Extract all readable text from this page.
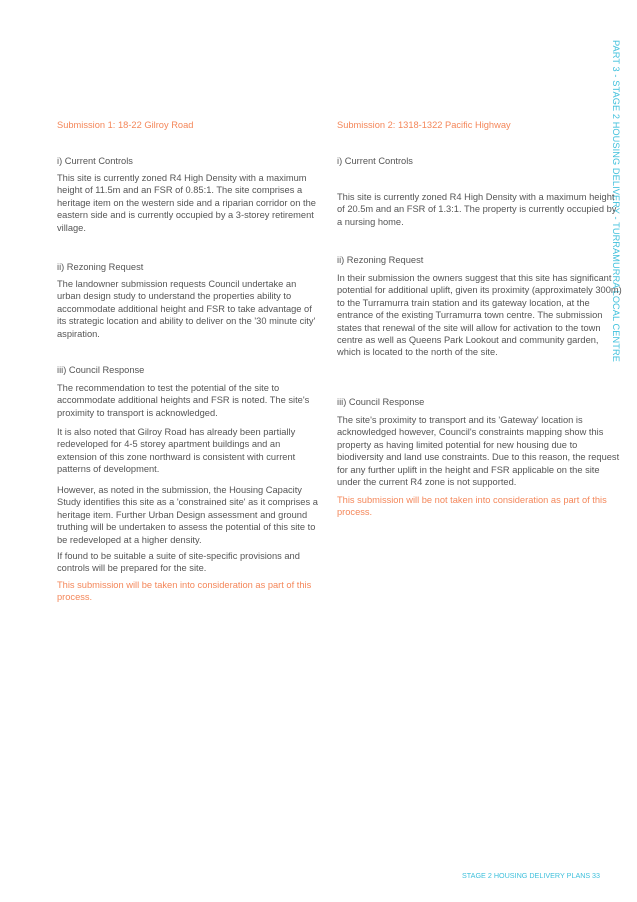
PART 3 - STAGE 2 HOUSING DELIVERY - TURRAMURRA LOCAL CENTRE

Submission 1: 18-22 Gilroy Road

i) Current Controls

This site is currently zoned R4 High Density with a maximum height of 11.5m and an FSR of 0.85:1. The site comprises a heritage item on the western side and a riparian corridor on the eastern side and is currently occupied by a 3-storey retirement village.

ii) Rezoning Request

The landowner submission requests Council undertake an urban design study to understand the properties ability to accommodate additional height and FSR to take advantage of its strategic location and ability to deliver on the '30 minute city' aspiration.

iii) Council Response

The recommendation to test the potential of the site to accommodate additional heights and FSR is noted. The site's proximity to transport is acknowledged.

It is also noted that Gilroy Road has already been partially redeveloped for 4-5 storey apartment buildings and an extension of this zone northward is consistent with current patterns of development.

However, as noted in the submission, the Housing Capacity Study identifies this site as a 'constrained site' as it comprises a heritage item. Further Urban Design assessment and ground truthing will be undertaken to assess the potential of this site to be redeveloped at a higher density.

If found to be suitable a suite of site-specific provisions and controls will be prepared for the site.

This submission will be taken into consideration as part of this process.

Submission 2: 1318-1322 Pacific Highway

i) Current Controls

This site is currently zoned R4 High Density with a maximum height of 20.5m and an FSR of 1.3:1. The property is currently occupied by a nursing home.

ii) Rezoning Request

In their submission the owners suggest that this site has significant potential for additional uplift, given its proximity (approximately 300m) to the Turramurra train station and its gateway location, at the entrance of the existing Turramurra town centre. The submission states that renewal of the site will allow for activation to the town centre as well as Queens Park Lookout and community garden, which is located to the north of the site.

iii) Council Response

The site's proximity to transport and its 'Gateway' location is acknowledged however, Council's constraints mapping show this property as having limited potential for new housing due to biodiversity and land use constraints. Due to this reason, the request for any further uplift in the height and FSR applicable on the site under the current R4 zone is not supported.

This submission will be not taken into consideration as part of this process.

STAGE 2 HOUSING DELIVERY PLANS 33
